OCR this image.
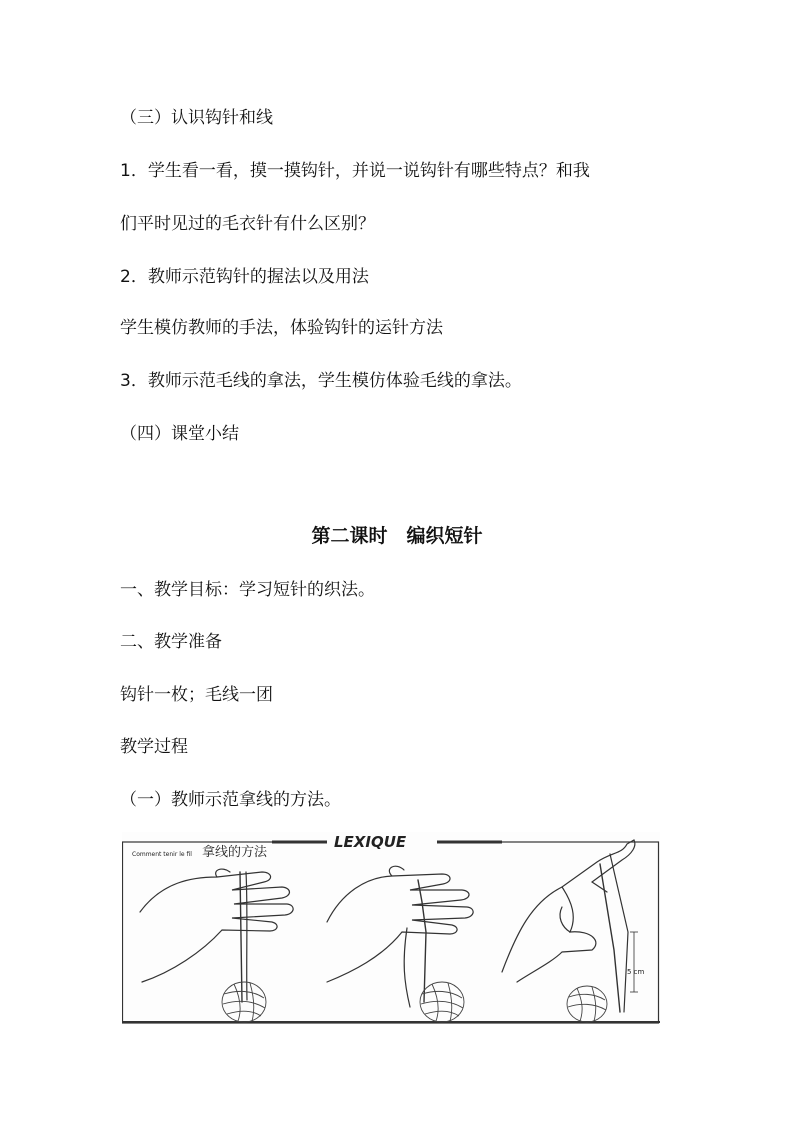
（三）认识钩针和线

1．学生看一看，摸一摸钩针，并说一说钩针有哪些特点？和我

们平时见过的毛衣针有什么区别？

2．教师示范钩针的握法以及用法

学生模仿教师的手法，体验钩针的运针方法

3．教师示范毛线的拿法，学生模仿体验毛线的拿法。

（四）课堂小结

第二课时　编织短针

一、教学目标：学习短针的织法。

二、教学准备

钩针一枚；毛线一团

教学过程

（一）教师示范拿线的方法。

LEXIQUE
Comment tenir le fil 拿线的方法
5 cm
